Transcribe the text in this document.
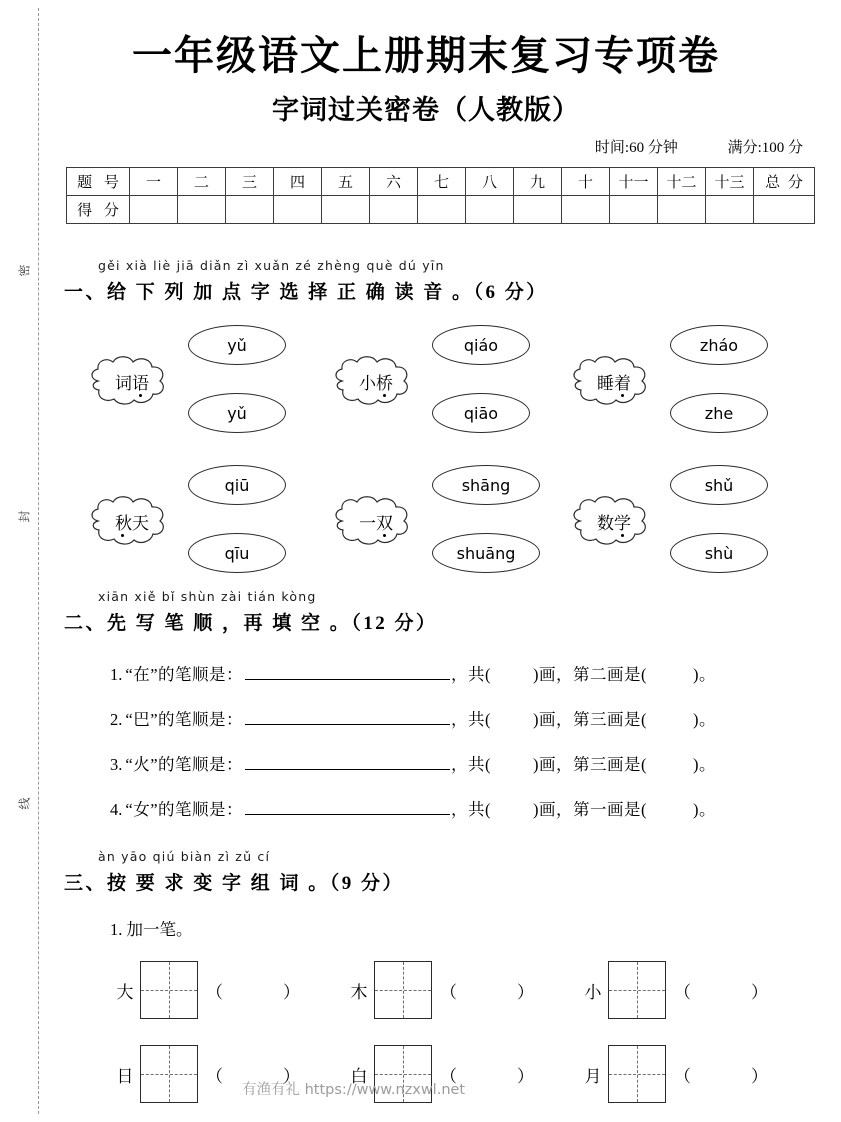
密
封
线
一年级语文上册期末复习专项卷
字词过关密卷（人教版）
时间:60 分钟	满分:100 分
题 号	一	二	三	四	五	六	七	八	九	十	十一	十二	十三	总 分
得 分														
gěi xià liè jiā diǎn zì xuǎn zé zhèng què dú yīn
一、给 下 列 加 点 字 选 择 正 确 读 音 。（6 分）
词语
yǔ
yǔ
小桥
qiáo
qiāo
睡着
zháo
zhe
秋天
qiū
qīu
一双
shāng
shuāng
数学
shǔ
shù
xiān xiě bǐ shùn zài tián kòng
二、先 写 笔 顺 ，再 填 空 。（12 分）
1. “在”的笔顺是：	，共(	)画，第二画是(	)。
2. “巴”的笔顺是：	，共(	)画，第三画是(	)。
3. “火”的笔顺是：	，共(	)画，第三画是(	)。
4. “女”的笔顺是：	，共(	)画，第一画是(	)。
àn yāo qiú biàn zì zǔ cí
三、按 要 求 变 字 组 词 。（9 分）
1. 加一笔。
大	（	）	木	（	）	小	（	）
日	（	）	白	（	）	月	（	）
有渔有礼 https://www.nzxwl.net
